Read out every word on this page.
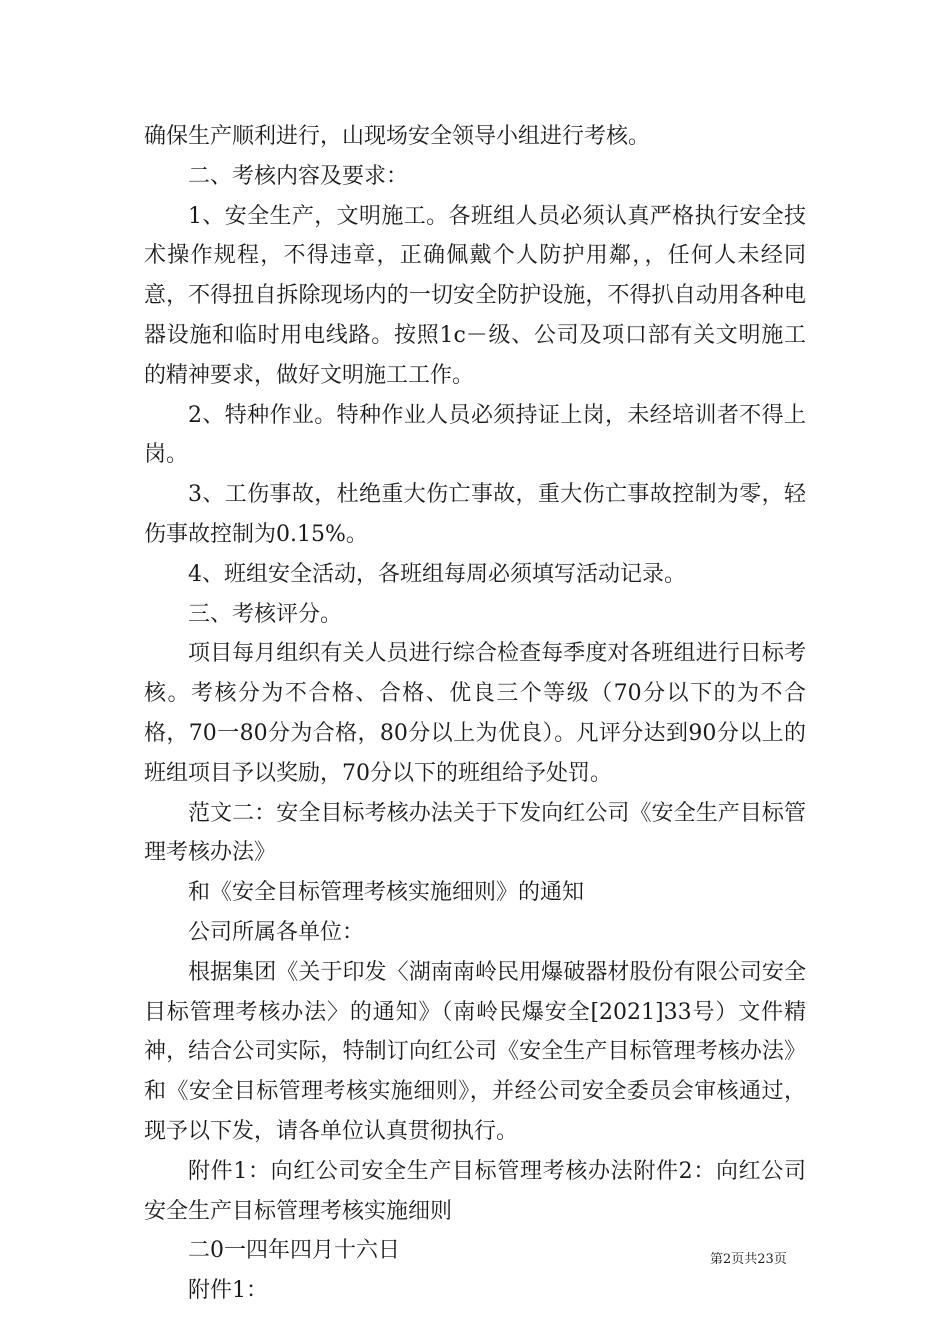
确保生产顺利进行，山现场安全领导小组进行考核。

二、考核内容及要求：

1、安全生产，文明施工。各班组人员必须认真严格执行安全技术操作规程，不得违章，正确佩戴个人防护用鄰，，任何人未经同意，不得扭自拆除现场内的一切安全防护设施，不得扒自动用各种电器设施和临时用电线路。按照1c－级、公司及项口部有关文明施工的精神要求，做好文明施工工作。

2、特种作业。特种作业人员必须持证上岗，未经培训者不得上岗。

3、工伤事故，杜绝重大伤亡事故，重大伤亡事故控制为零，轻伤事故控制为0.15%。

4、班组安全活动，各班组每周必须填写活动记录。

三、考核评分。

项目每月组织有关人员进行综合检查每季度对各班组进行日标考核。考核分为不合格、合格、优良三个等级（70分以下的为不合格，70一80分为合格，80分以上为优良）。凡评分达到90分以上的班组项目予以奖励，70分以下的班组给予处罚。

范文二：安全目标考核办法关于下发向红公司《安全生产目标管理考核办法》

和《安全目标管理考核实施细则》的通知

公司所属各单位：

根据集团《关于印发〈湖南南岭民用爆破器材股份有限公司安全目标管理考核办法〉的通知》（南岭民爆安全[2021]33号）文件精神，结合公司实际，特制订向红公司《安全生产目标管理考核办法》和《安全目标管理考核实施细则》，并经公司安全委员会审核通过，现予以下发，请各单位认真贯彻执行。

附件1：向红公司安全生产目标管理考核办法附件2：向红公司安全生产目标管理考核实施细则

二0一四年四月十六日

附件1：

第2页共23页
